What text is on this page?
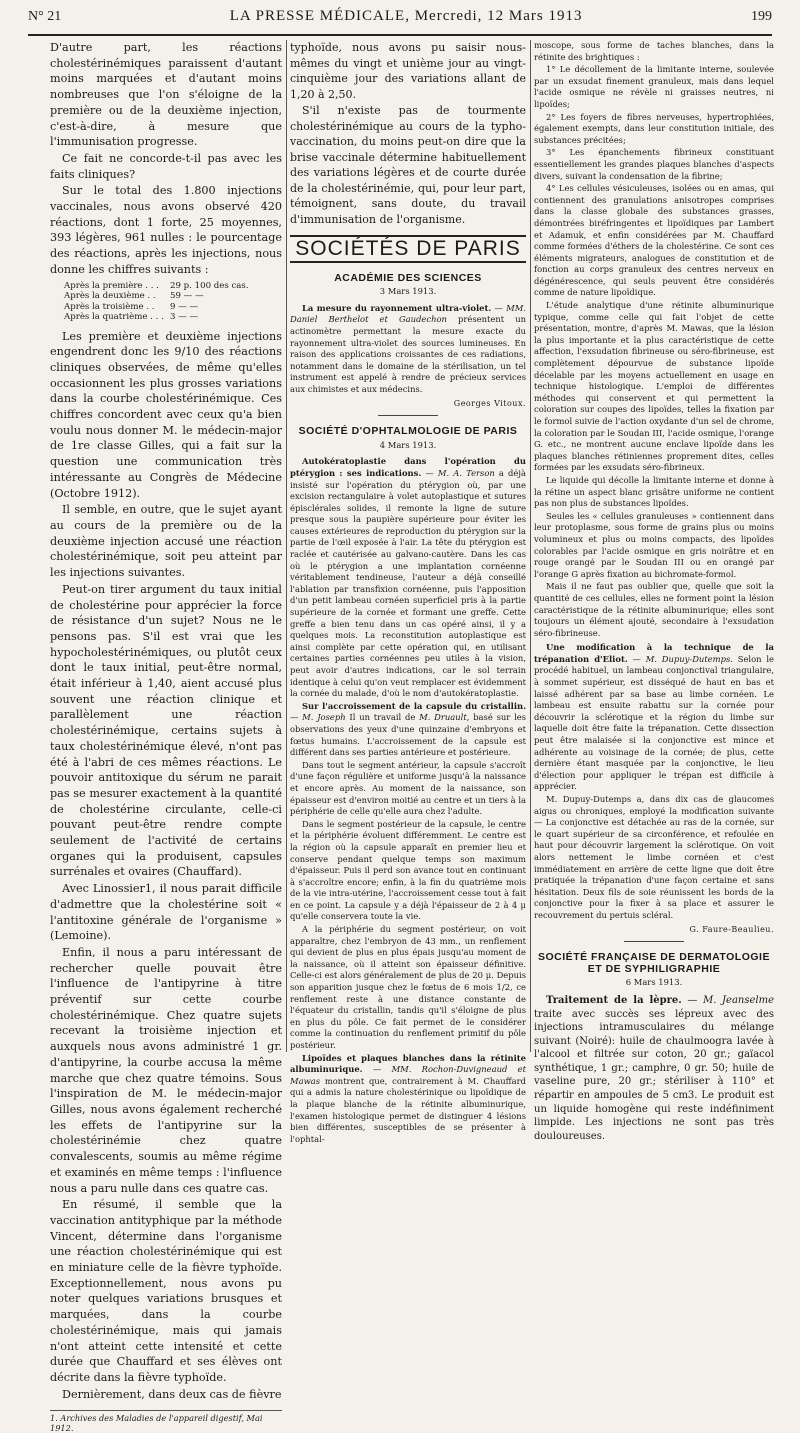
N° 21	LA PRESSE MÉDICALE, Mercredi, 12 Mars 1913	199

D'autre part, les réactions cholestérinémiques paraissent d'autant moins marquées et d'autant moins nombreuses que l'on s'éloigne de la première ou de la deuxième injection, c'est-à-dire, à mesure que l'immunisation progresse.

Ce fait ne concorde-t-il pas avec les faits cliniques?

Sur le total des 1.800 injections vaccinales, nous avons observé 420 réactions, dont 1 forte, 25 moyennes, 393 légères, 961 nulles : le pourcentage des réactions, après les injections, nous donne les chiffres suivants :

Après la première . . .	29 p. 100 des cas.
Après la deuxième . .	59 — —
Après la troisième . .	9 — —
Après la quatrième . . . 3 — —

Les première et deuxième injections engendrent donc les 9/10 des réactions cliniques observées, de même qu'elles occasionnent les plus grosses variations dans la courbe cholestérinémique. Ces chiffres concordent avec ceux qu'a bien voulu nous donner M. le médecin-major de 1re classe Gilles, qui a fait sur la question une communication très intéressante au Congrès de Médecine (Octobre 1912).

Il semble, en outre, que le sujet ayant au cours de la première ou de la deuxième injection accusé une réaction cholestérinémique, soit peu atteint par les injections suivantes.

Peut-on tirer argument du taux initial de cholestérine pour apprécier la force de résistance d'un sujet? Nous ne le pensons pas. S'il est vrai que les hypocholestérinémiques, ou plutôt ceux dont le taux initial, peut-être normal, était inférieur à 1,40, aient accusé plus souvent une réaction clinique et parallèlement une réaction cholestérinémique, certains sujets à taux cholestérinémique élevé, n'ont pas été à l'abri de ces mêmes réactions. Le pouvoir antitoxique du sérum ne parait pas se mesurer exactement à la quantité de cholestérine circulante, celle-ci pouvant peut-être rendre compte seulement de l'activité de certains organes qui la produisent, capsules surrénales et ovaires (Chauffard).

Avec Linossier1, il nous parait difficile d'admettre que la cholestérine soit « l'antitoxine générale de l'organisme » (Lemoine).

Enfin, il nous a paru intéressant de rechercher quelle pouvait être l'influence de l'antipyrine à titre préventif sur cette courbe cholestérinémique. Chez quatre sujets recevant la troisième injection et auxquels nous avons administré 1 gr. d'antipyrine, la courbe accusa la même marche que chez quatre témoins. Sous l'inspiration de M. le médecin-major Gilles, nous avons également recherché les effets de l'antipyrine sur la cholestérinémie chez quatre convalescents, soumis au même régime et examinés en même temps : l'influence nous a paru nulle dans ces quatre cas.

En résumé, il semble que la vaccination antityphique par la méthode Vincent, détermine dans l'organisme une réaction cholestérinémique qui est en miniature celle de la fièvre typhoïde. Exceptionnellement, nous avons pu noter quelques variations brusques et marquées, dans la courbe cholestérinémique, mais qui jamais n'ont atteint cette intensité et cette durée que Chauffard et ses élèves ont décrite dans la fièvre typhoïde.

Dernièrement, dans deux cas de fièvre

1. Archives des Maladies de l'appareil digestif, Mai 1912.

typhoïde, nous avons pu saisir nous-mêmes du vingt et unième jour au vingt-cinquième jour des variations allant de 1,20 à 2,50.

S'il n'existe pas de tourmente cholestérinémique au cours de la typho-vaccination, du moins peut-on dire que la brise vaccinale détermine habituellement des variations légères et de courte durée de la cholestérinémie, qui, pour leur part, témoignent, sans doute, du travail d'immunisation de l'organisme.

SOCIÉTÉS DE PARIS
ACADÉMIE DES SCIENCES
3 Mars 1913.

La mesure du rayonnement ultra-violet. — MM. Daniel Berthelot et Gaudechon présentent un actinomètre permettant la mesure exacte du rayonnement ultra-violet des sources lumineuses. En raison des applications croissantes de ces radiations, notamment dans le domaine de la stérilisation, un tel instrument est appelé à rendre de précieux services aux chimistes et aux médecins.

Georges Vitoux.
SOCIÉTÉ D'OPHTALMOLOGIE DE PARIS
4 Mars 1913.

Autokératoplastie dans l'opération du ptérygion : ses indications. — M. A. Terson a déjà insisté sur l'opération du ptérygion où, par une excision rectangulaire à volet autoplastique et sutures épisclérales solides, il remonte la ligne de suture presque sous la paupière supérieure pour éviter les causes extérieures de reproduction du ptérygion sur la partie de l'œil exposée à l'air. La tête du ptérygion est raclée et cautérisée au galvano-cautère. Dans les cas où le ptérygion a une implantation cornéenne véritablement tendineuse, l'auteur a déjà conseillé l'ablation par transfixion cornéenne, puis l'apposition d'un petit lambeau cornéen superficiel pris à la partie supérieure de la cornée et formant une greffe. Cette greffe a bien tenu dans un cas opéré ainsi, il y a quelques mois. La reconstitution autoplastique est ainsi complète par cette opération qui, en utilisant certaines parties cornéennes peu utiles à la vision, peut avoir d'autres indications, car le sol terrain identique à celui qu'on veut remplacer est évidemment la cornée du malade, d'où le nom d'autokératoplastie.

Sur l'accroissement de la capsule du cristallin. — M. Joseph Il un travail de M. Druault, basé sur les observations des yeux d'une quinzaine d'embryons et fœtus humains. L'accroissement de la capsule est différent dans ses parties antérieure et postérieure.

Dans tout le segment antérieur, la capsule s'accroît d'une façon régulière et uniforme jusqu'à la naissance et encore après. Au moment de la naissance, son épaisseur est d'environ moitié au centre et un tiers à la périphérie de celle qu'elle aura chez l'adulte.

Dans le segment postérieur de la capsule, le centre et la périphérie évoluent différemment. Le centre est la région où la capsule apparaît en premier lieu et conserve pendant quelque temps son maximum d'épaisseur. Puis il perd son avance tout en continuant à s'accroître encore; enfin, à la fin du quatrième mois de la vie intra-utérine, l'accroissement cesse tout à fait en ce point. La capsule y a déjà l'épaisseur de 2 à 4 μ qu'elle conservera toute la vie.

A la périphérie du segment postérieur, on voit apparaître, chez l'embryon de 43 mm., un renflement qui devient de plus en plus épais jusqu'au moment de la naissance, où il atteint son épaisseur définitive. Celle-ci est alors généralement de plus de 20 μ. Depuis son apparition jusque chez le fœtus de 6 mois 1/2, ce renflement reste à une distance constante de l'équateur du cristallin, tandis qu'il s'éloigne de plus en plus du pôle. Ce fait permet de le considérer comme la continuation du renflement primitif du pôle postérieur.

Lipoïdes et plaques blanches dans la rétinite albuminurique. — MM. Rochon-Duvigneaud et Mawas montrent que, contrairement à M. Chauffard qui a admis la nature cholestérinique ou lipoïdique de la plaque blanche de la rétinite albuminurique, l'examen histologique permet de distinguer 4 lésions bien différentes, susceptibles de se présenter à l'ophtal-

moscope, sous forme de taches blanches, dans la rétinite des brightiques :

1° Le décollement de la limitante interne, soulevée par un exsudat finement granuleux, mais dans lequel l'acide osmique ne révèle ni graisses neutres, ni lipoïdes;

2° Les foyers de fibres nerveuses, hypertrophiées, également exempts, dans leur constitution initiale, des substances précitées;

3° Les épanchements fibrineux constituant essentiellement les grandes plaques blanches d'aspects divers, suivant la condensation de la fibrine;

4° Les cellules vésiculeuses, isolées ou en amas, qui contiennent des granulations anisotropes comprises dans la classe globale des substances grasses, démontrées biréfringentes et lipoïdiques par Lambert et Adamuk, et enfin considérées par M. Chauffard comme formées d'éthers de la cholestérine. Ce sont ces éléments migrateurs, analogues de constitution et de fonction au corps granuleux des centres nerveux en dégénérescence, qui seuls peuvent être considérés comme de nature lipoïdique.

L'étude analytique d'une rétinite albuminurique typique, comme celle qui fait l'objet de cette présentation, montre, d'après M. Mawas, que la lésion la plus importante et la plus caractéristique de cette affection, l'exsudation fibrineuse ou séro-fibrineuse, est complètement dépourvue de substance lipoïde décelable par les moyens actuellement en usage en technique histologique. L'emploi de différentes méthodes qui conservent et qui permettent la coloration sur coupes des lipoïdes, telles la fixation par le formol suivie de l'action oxydante d'un sel de chrome, la coloration par le Soudan III, l'acide osmique, l'orange G. etc., ne montrent aucune enclave lipoïde dans les plaques blanches rétiniennes proprement dites, celles formées par les exsudats séro-fibrineux.

Le liquide qui décolle la limitante interne et donne à la rétine un aspect blanc grisâtre uniforme ne contient pas non plus de substances lipoïdes.

Seules les « cellules granuleuses » contiennent dans leur protoplasme, sous forme de grains plus ou moins volumineux et plus ou moins compacts, des lipoïdes colorables par l'acide osmique en gris noirâtre et en rouge orangé par le Soudan III ou en orangé par l'orange G après fixation au bichromate-formol.

Mais il ne faut pas oublier que, quelle que soit la quantité de ces cellules, elles ne forment point la lésion caractéristique de la rétinite albuminurique; elles sont toujours un élément ajouté, secondaire à l'exsudation séro-fibrineuse.

Une modification à la technique de la trépanation d'Eliot. — M. Dupuy-Dutemps. Selon le procédé habituel, un lambeau conjonctival triangulaire, à sommet supérieur, est disséqué de haut en bas et laissé adhérent par sa base au limbe cornéen. Le lambeau est ensuite rabattu sur la cornée pour découvrir la sclérotique et la région du limbe sur laquelle doit être faite la trépanation. Cette dissection peut être malaisée si la conjonctive est mince et adhérente au voisinage de la cornée; de plus, cette dernière étant masquée par la conjonctive, le lieu d'élection pour appliquer le trépan est difficile à apprécier.

M. Dupuy-Dutemps a, dans dix cas de glaucomes aigus ou chroniques, employé la modification suivante — La conjonctive est détachée au ras de la cornée, sur le quart supérieur de sa circonférence, et refoulée en haut pour découvrir largement la sclérotique. On voit alors nettement le limbe cornéen et c'est immédiatement en arrière de cette ligne que doit être pratiquée la trépanation d'une façon certaine et sans hésitation. Deux fils de soie réunissent les bords de la conjonctive pour la fixer à sa place et assurer le recouvrement du pertuis scléral.

G. Faure-Beaulieu.
SOCIÉTÉ FRANÇAISE DE DERMATOLOGIE ET DE SYPHILIGRAPHIE
6 Mars 1913.

Traitement de la lèpre. — M. Jeanselme traite avec succès ses lépreux avec des injections intramusculaires du mélange suivant (Noiré): huile de chaulmoogra lavée à l'alcool et filtrée sur coton, 20 gr.; gaïacol synthétique, 1 gr.; camphre, 0 gr. 50; huile de vaseline pure, 20 gr.; stériliser à 110° et répartir en ampoules de 5 cm3. Le produit est un liquide homogène qui reste indéfiniment limpide. Les injections ne sont pas très douloureuses.
